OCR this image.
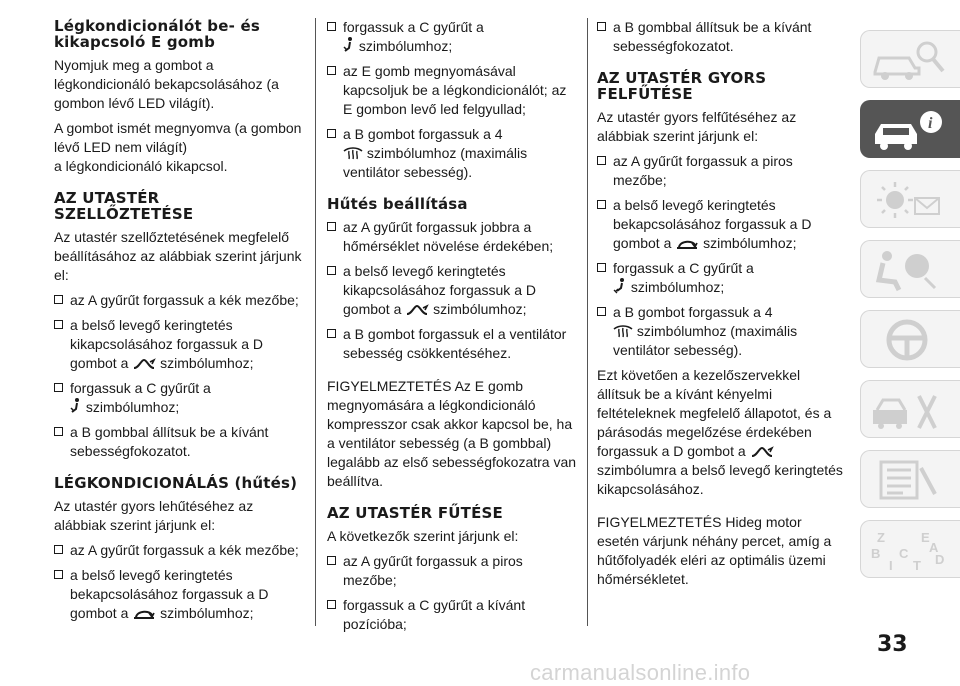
Légkondicionálót be- és kikapcsoló E gomb

Nyomjuk meg a gombot a légkondicionáló bekapcsolásához (a gombon lévő LED világít).

A gombot ismét megnyomva (a gombon lévő LED nem világít)
a légkondicionáló kikapcsol.

AZ UTASTÉR SZELLŐZTETÉSE

Az utastér szellőztetésének megfelelő beállításához az alábbiak szerint járjunk el:

az A gyűrűt forgassuk a kék mezőbe;
a belső levegő keringtetés kikapcsolásához forgassuk a D gombot a szimbólumhoz;
forgassuk a C gyűrűt a
szimbólumhoz;
a B gombbal állítsuk be a kívánt sebességfokozatot.
LÉGKONDICIONÁLÁS (hűtés)

Az utastér gyors lehűtéséhez az alábbiak szerint járjunk el:

az A gyűrűt forgassuk a kék mezőbe;
a belső levegő keringtetés bekapcsolásához forgassuk a D gombot a szimbólumhoz;
forgassuk a C gyűrűt a
szimbólumhoz;
az E gomb megnyomásával kapcsoljuk be a légkondicionálót; az E gombon levő led felgyullad;
a B gombot forgassuk a 4
szimbólumhoz (maximális
ventilátor sebesség).
Hűtés beállítása
az A gyűrűt forgassuk jobbra a hőmérséklet növelése érdekében;
a belső levegő keringtetés kikapcsolásához forgassuk a D gombot a szimbólumhoz;
a B gombot forgassuk el a ventilátor sebesség csökkentéséhez.

FIGYELMEZTETÉS Az E gomb megnyomására a légkondicionáló kompresszor csak akkor kapcsol be, ha a ventilátor sebesség (a B gombbal) legalább az első sebességfokozatra van beállítva.

AZ UTASTÉR FŰTÉSE

A következők szerint járjunk el:

az A gyűrűt forgassuk a piros mezőbe;
forgassuk a C gyűrűt a kívánt pozícióba;
a B gombbal állítsuk be a kívánt sebességfokozatot.
AZ UTASTÉR GYORS FELFŰTÉSE

Az utastér gyors felfűtéséhez az alábbiak szerint járjunk el:

az A gyűrűt forgassuk a piros mezőbe;
a belső levegő keringtetés bekapcsolásához forgassuk a D gombot a szimbólumhoz;
forgassuk a C gyűrűt a
szimbólumhoz;
a B gombot forgassuk a 4
szimbólumhoz (maximális
ventilátor sebesség).

Ezt követően a kezelőszervekkel állítsuk be a kívánt kényelmi feltételeknek megfelelő állapotot, és a párásodás megelőzése érdekében forgassuk a D gombot a  szimbólumra a belső levegő keringtetés kikapcsolásához.

FIGYELMEZTETÉS Hideg motor esetén várjunk néhány percet, amíg a hűtőfolyadék eléri az optimális üzemi hőmérsékletet.

i
Z	E
B C
T D
I
A
33
carmanualsonline.info
